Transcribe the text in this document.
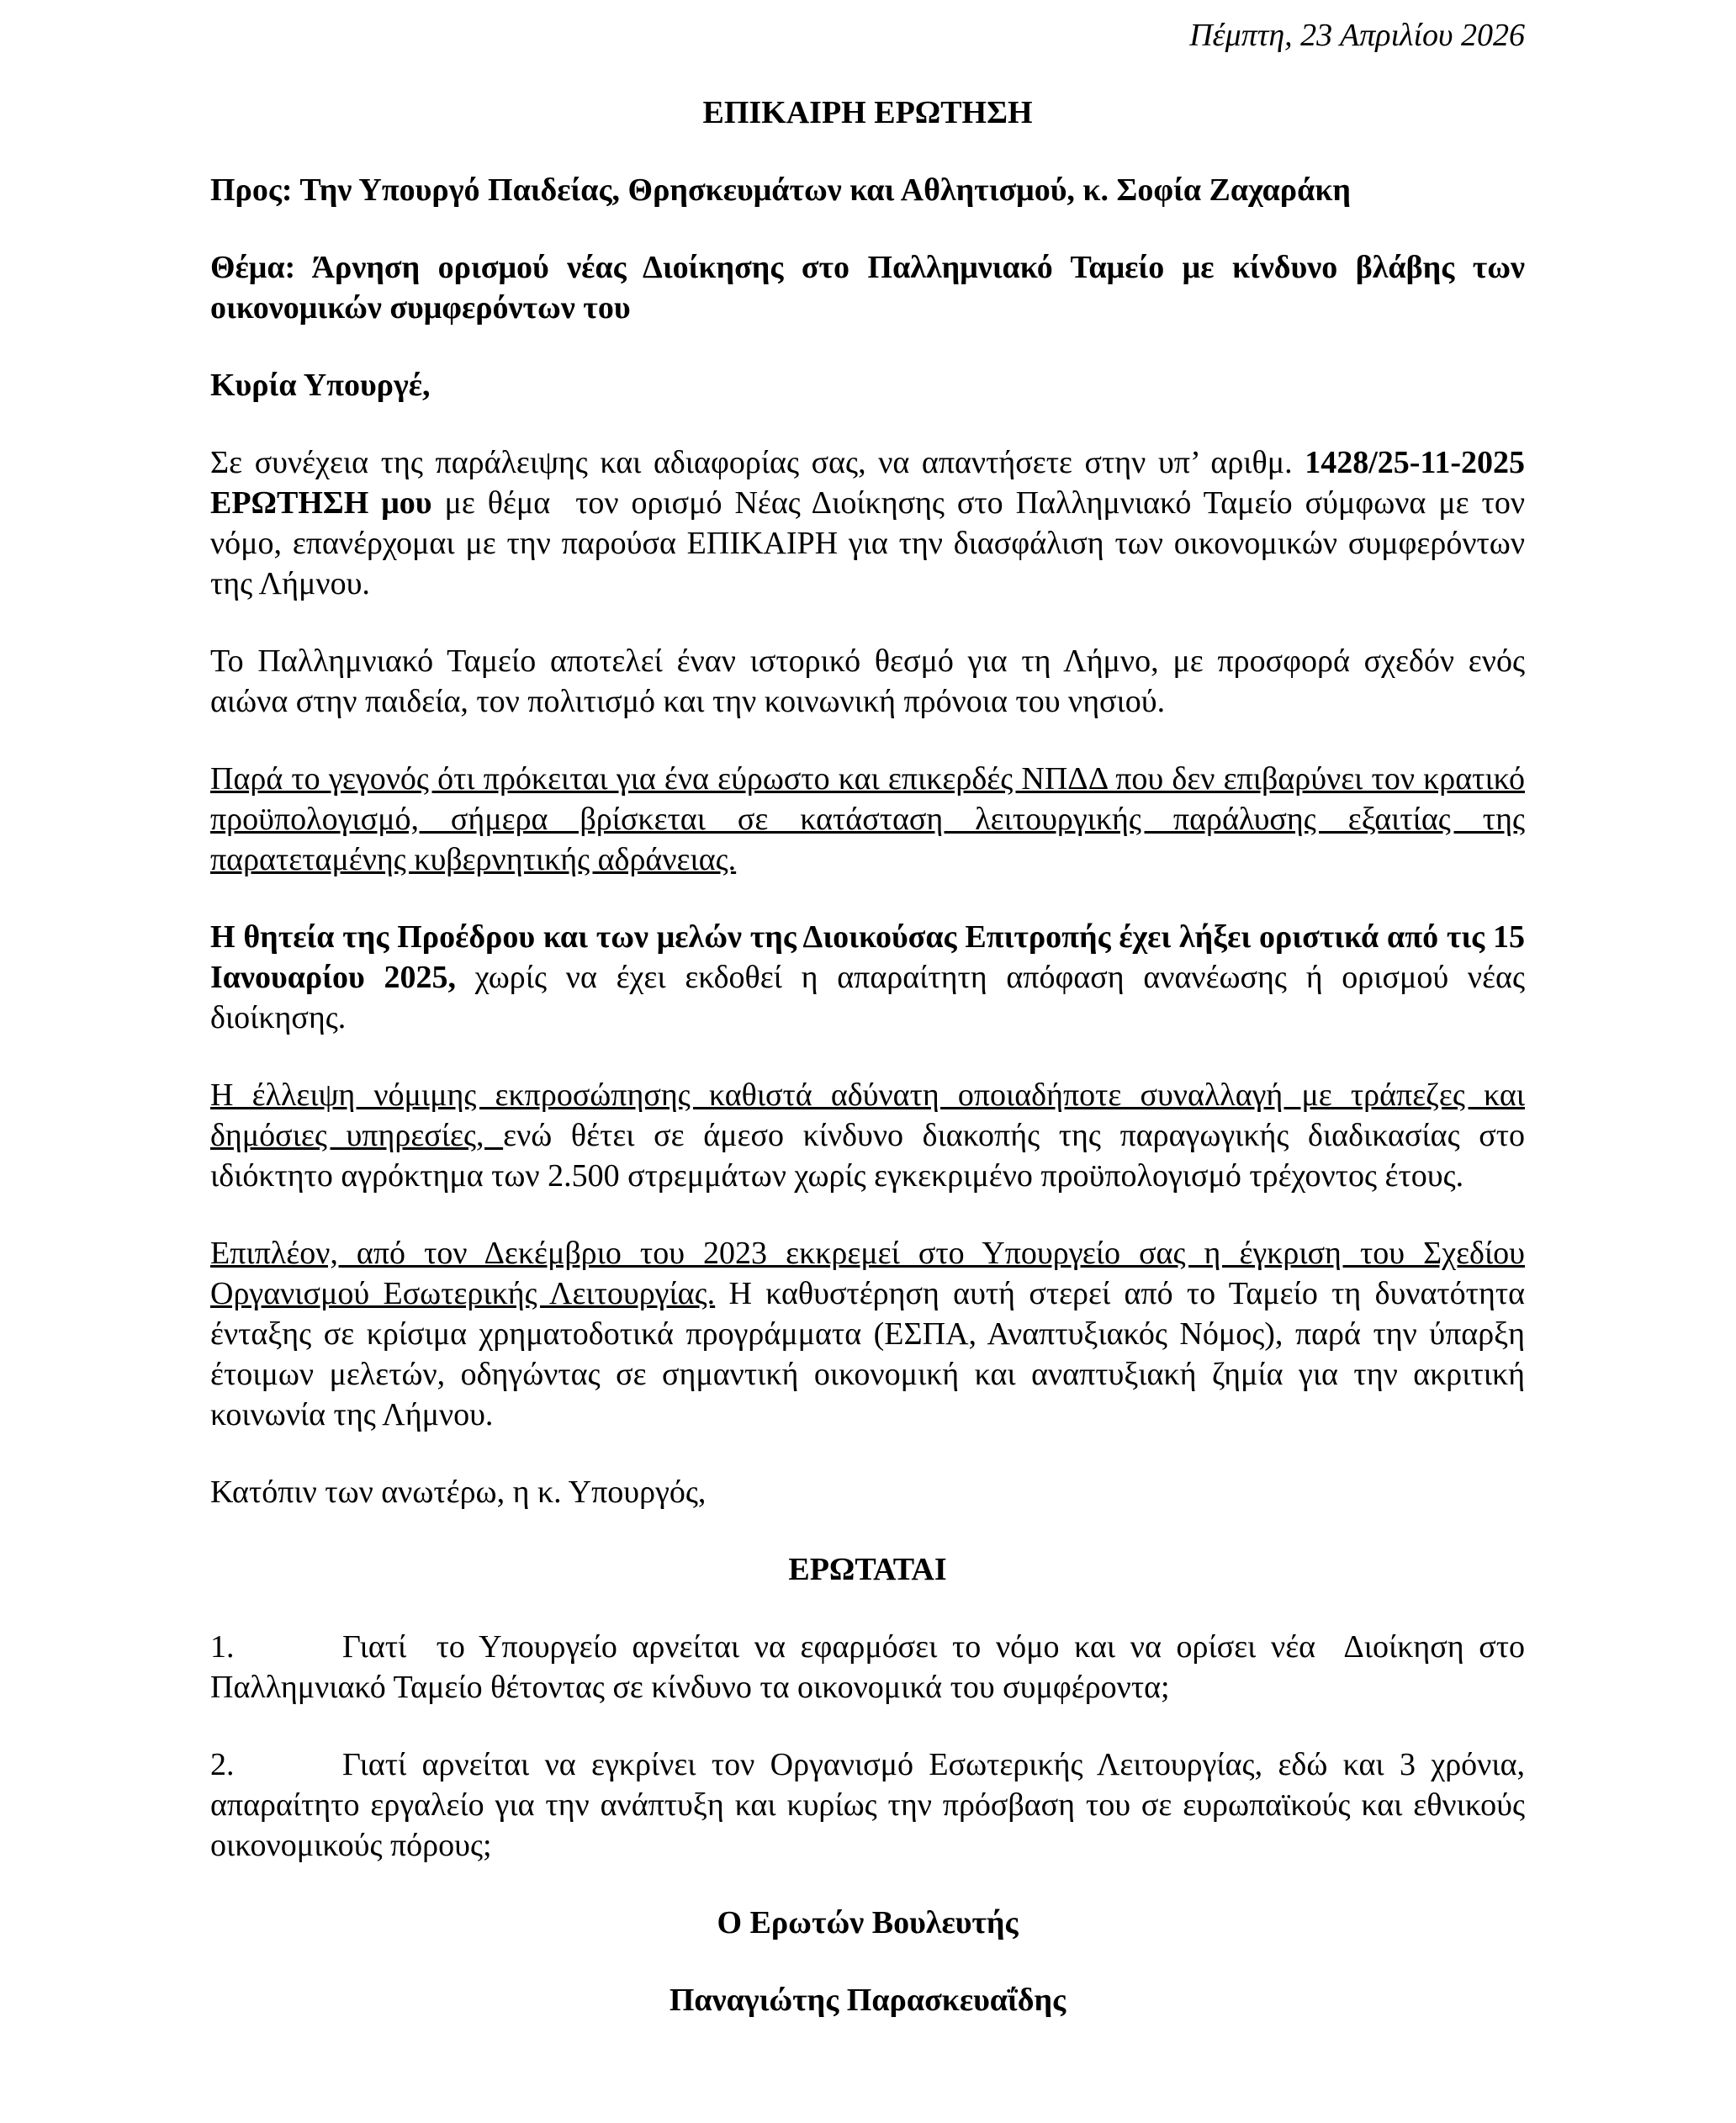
Πέμπτη, 23 Απριλίου 2026
ΕΠΙΚΑΙΡΗ ΕΡΩΤΗΣΗ

Προς: Την Υπουργό Παιδείας, Θρησκευμάτων και Αθλητισμού, κ. Σοφία Ζαχαράκη

Θέμα: Άρνηση ορισμού νέας Διοίκησης στο Παλλημνιακό Ταμείο με κίνδυνο βλάβης των οικονομικών συμφερόντων του

Κυρία Υπουργέ,

Σε συνέχεια της παράλειψης και αδιαφορίας σας, να απαντήσετε στην υπ’ αριθμ. 1428/25-11-2025 ΕΡΩΤΗΣΗ μου με θέμα  τον ορισμό Νέας Διοίκησης στο Παλλημνιακό Ταμείο σύμφωνα με τον νόμο, επανέρχομαι με την παρούσα ΕΠΙΚΑΙΡΗ για την διασφάλιση των οικονομικών συμφερόντων της Λήμνου.

Το Παλλημνιακό Ταμείο αποτελεί έναν ιστορικό θεσμό για τη Λήμνο, με προσφορά σχεδόν ενός αιώνα στην παιδεία, τον πολιτισμό και την κοινωνική πρόνοια του νησιού.

Παρά το γεγονός ότι πρόκειται για ένα εύρωστο και επικερδές ΝΠΔΔ που δεν επιβαρύνει τον κρατικό προϋπολογισμό, σήμερα βρίσκεται σε κατάσταση λειτουργικής παράλυσης εξαιτίας της παρατεταμένης κυβερνητικής αδράνειας.

Η θητεία της Προέδρου και των μελών της Διοικούσας Επιτροπής έχει λήξει οριστικά από τις 15 Ιανουαρίου 2025, χωρίς να έχει εκδοθεί η απαραίτητη απόφαση ανανέωσης ή ορισμού νέας διοίκησης.

Η έλλειψη νόμιμης εκπροσώπησης καθιστά αδύνατη οποιαδήποτε συναλλαγή με τράπεζες και δημόσιες υπηρεσίες, ενώ θέτει σε άμεσο κίνδυνο διακοπής της παραγωγικής διαδικασίας στο ιδιόκτητο αγρόκτημα των 2.500 στρεμμάτων χωρίς εγκεκριμένο προϋπολογισμό τρέχοντος έτους.

Επιπλέον, από τον Δεκέμβριο του 2023 εκκρεμεί στο Υπουργείο σας η έγκριση του Σχεδίου Οργανισμού Εσωτερικής Λειτουργίας. Η καθυστέρηση αυτή στερεί από το Ταμείο τη δυνατότητα ένταξης σε κρίσιμα χρηματοδοτικά προγράμματα (ΕΣΠΑ, Αναπτυξιακός Νόμος), παρά την ύπαρξη έτοιμων μελετών, οδηγώντας σε σημαντική οικονομική και αναπτυξιακή ζημία για την ακριτική κοινωνία της Λήμνου.

Κατόπιν των ανωτέρω, η κ. Υπουργός,

ΕΡΩΤΑΤΑΙ

1.	Γιατί  το Υπουργείο αρνείται να εφαρμόσει το νόμο και να ορίσει νέα  Διοίκηση στο Παλλημνιακό Ταμείο θέτοντας σε κίνδυνο τα οικονομικά του συμφέροντα;

2.	Γιατί αρνείται να εγκρίνει τον Οργανισμό Εσωτερικής Λειτουργίας, εδώ και 3 χρόνια, απαραίτητο εργαλείο για την ανάπτυξη και κυρίως την πρόσβαση του σε ευρωπαϊκούς και εθνικούς οικονομικούς πόρους;

Ο Ερωτών Βουλευτής
Παναγιώτης Παρασκευαΐδης
